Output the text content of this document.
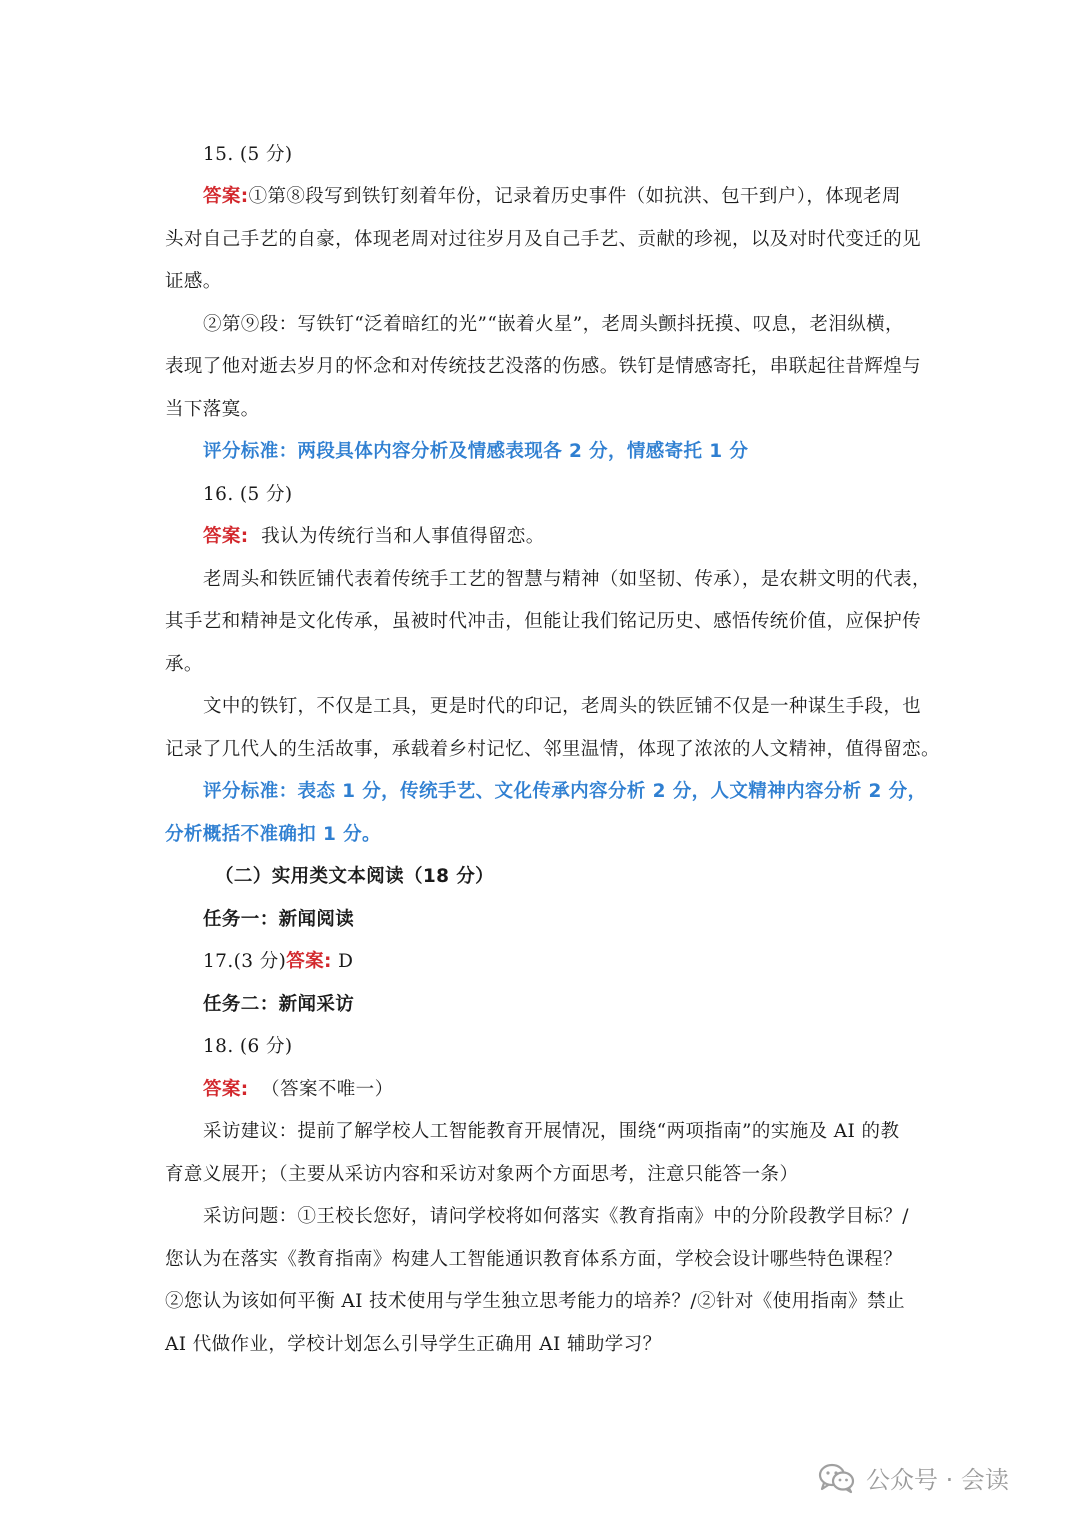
15. (5 分)
答案:①第⑧段写到铁钉刻着年份，记录着历史事件（如抗洪、包干到户），体现老周
头对自己手艺的自豪，体现老周对过往岁月及自己手艺、贡献的珍视，以及对时代变迁的见
证感。
②第⑨段：写铁钉“泛着暗红的光”“嵌着火星”，老周头颤抖抚摸、叹息，老泪纵横，
表现了他对逝去岁月的怀念和对传统技艺没落的伤感。铁钉是情感寄托，串联起往昔辉煌与
当下落寞。
评分标准：两段具体内容分析及情感表现各 2 分，情感寄托 1 分
16. (5 分)
答案: 我认为传统行当和人事值得留恋。
老周头和铁匠铺代表着传统手工艺的智慧与精神（如坚韧、传承），是农耕文明的代表，
其手艺和精神是文化传承，虽被时代冲击，但能让我们铭记历史、感悟传统价值，应保护传
承。
文中的铁钉，不仅是工具，更是时代的印记，老周头的铁匠铺不仅是一种谋生手段，也
记录了几代人的生活故事，承载着乡村记忆、邻里温情，体现了浓浓的人文精神，值得留恋。
评分标准：表态 1 分，传统手艺、文化传承内容分析 2 分，人文精神内容分析 2 分，
分析概括不准确扣 1 分。
（二）实用类文本阅读（18 分）
任务一：新闻阅读
17.(3 分)答案: D
任务二：新闻采访
18. (6 分)
答案: （答案不唯一）
采访建议：提前了解学校人工智能教育开展情况，围绕“两项指南”的实施及 AI 的教
育意义展开；（主要从采访内容和采访对象两个方面思考，注意只能答一条）
采访问题：①王校长您好，请问学校将如何落实《教育指南》中的分阶段教学目标？/
您认为在落实《教育指南》构建人工智能通识教育体系方面，学校会设计哪些特色课程？
②您认为该如何平衡 AI 技术使用与学生独立思考能力的培养？/②针对《使用指南》禁止
AI 代做作业，学校计划怎么引导学生正确用 AI 辅助学习？
公众号 · 会读
